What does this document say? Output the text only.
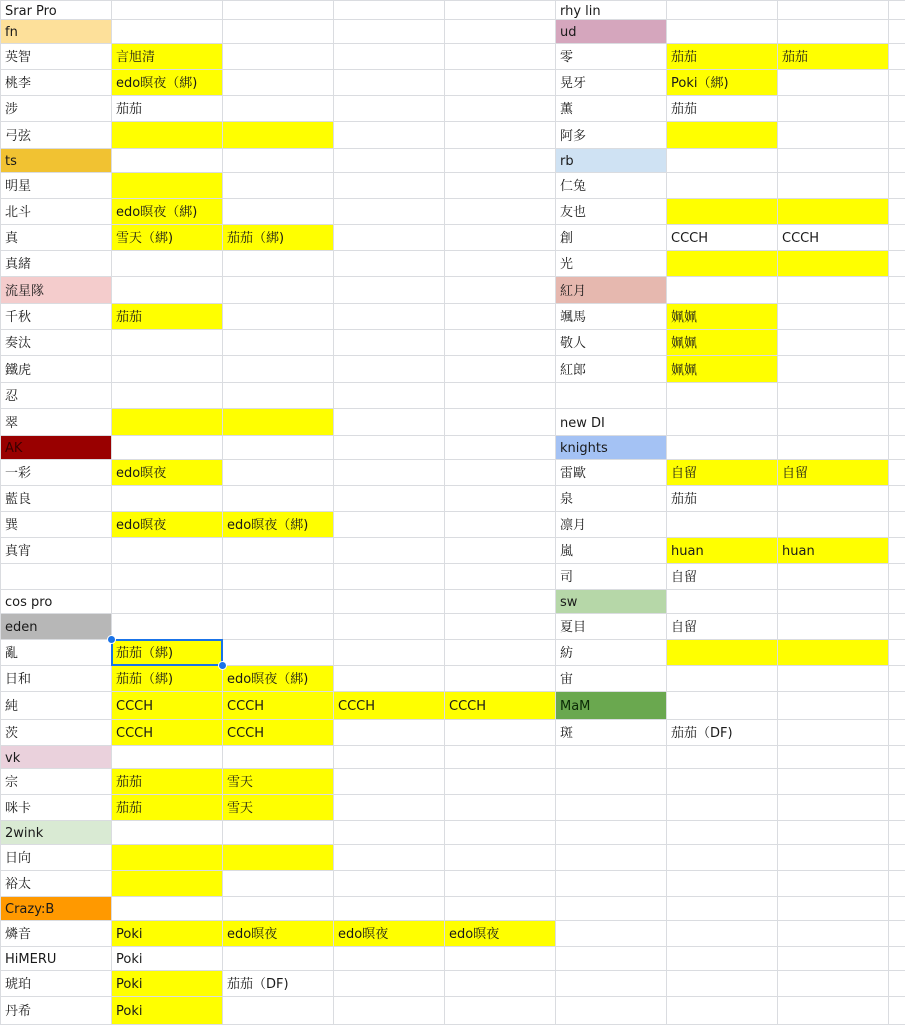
Srar Pro
fn
英智	言旭清
桃李	edo暝夜（綁)
涉	茄茄
弓弦
ts
明星
北斗	edo暝夜（綁)
真	雪天（綁)	茄茄（綁)
真緒
流星隊
千秋	茄茄
奏汰
鐵虎
忍
翠
AK
一彩	edo暝夜
藍良
巽	edo暝夜	edo暝夜（綁)
真宵
cos pro
eden
亂	茄茄（綁)
日和	茄茄（綁)	edo暝夜（綁)
純	CCCH	CCCH	CCCH	CCCH
茨	CCCH	CCCH
vk
宗	茄茄	雪天
咪卡	茄茄	雪天
2wink
日向
裕太
Crazy:B
燐音	Poki	edo暝夜	edo暝夜	edo暝夜
HiMERU	Poki
琥珀	Poki	茄茄（DF)
丹希	Poki
rhy lin
ud
零	茄茄	茄茄
晃牙	Poki（綁)
薫	茄茄
阿多
rb
仁兔
友也
創	CCCH	CCCH
光
紅月
颯馬	姵姵
敬人	姵姵
紅郎	姵姵
new DI
knights
雷歐	自留	自留
泉	茄茄
凛月
嵐	huan	huan
司	自留
sw
夏目	自留
紡
宙
MaM
斑	茄茄（DF)
